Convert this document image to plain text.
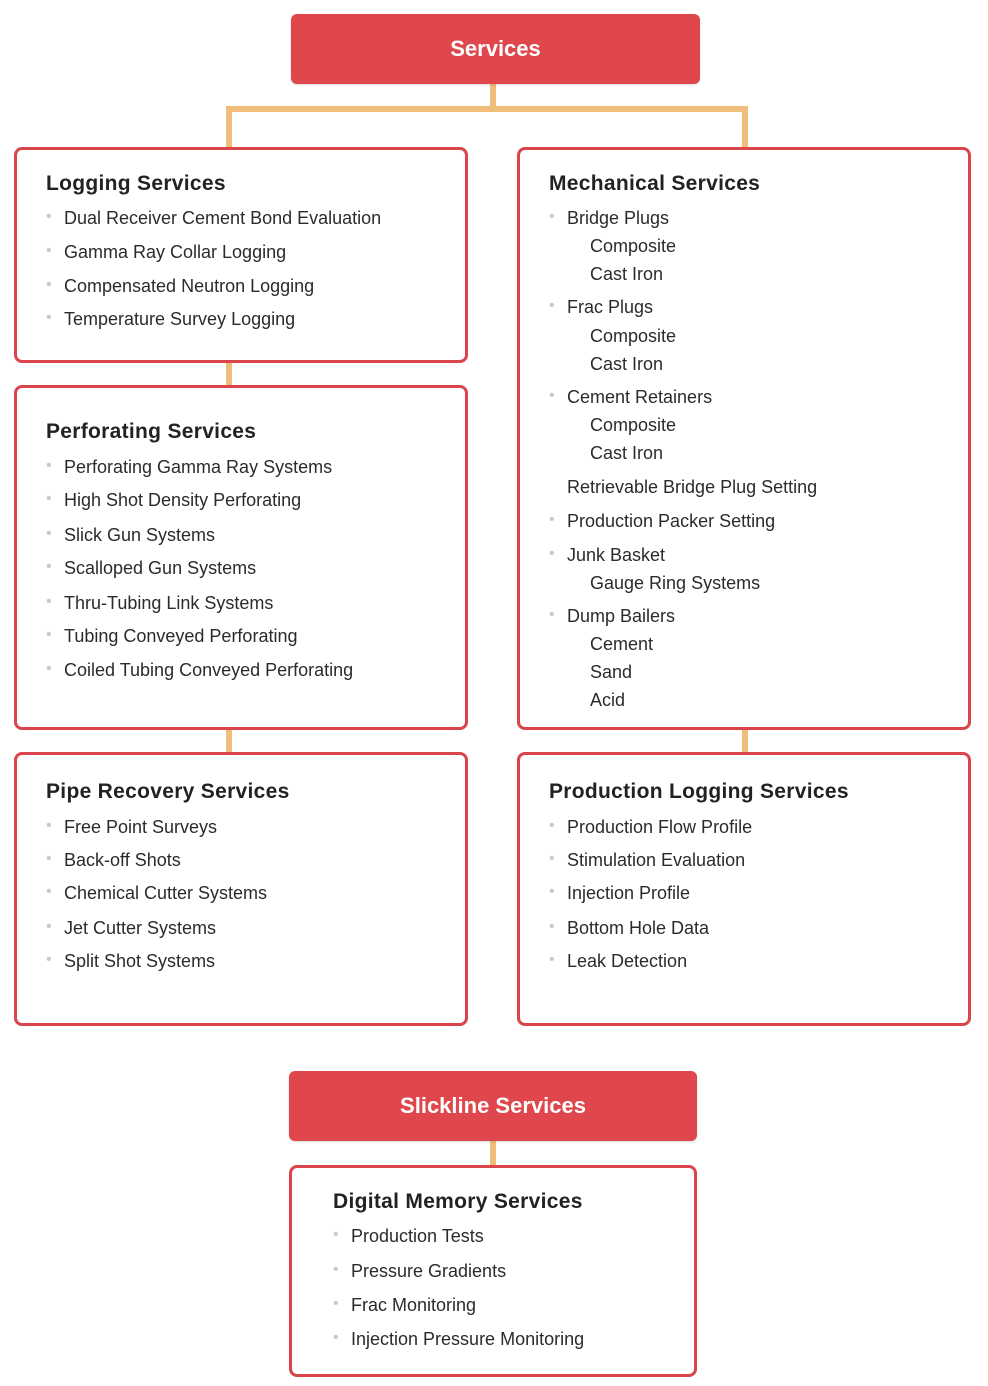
Services
Logging Services
• Dual Receiver Cement Bond Evaluation
• Gamma Ray Collar Logging
• Compensated Neutron Logging
• Temperature Survey Logging
Perforating Services
• Perforating Gamma Ray Systems
• High Shot Density Perforating
• Slick Gun Systems
• Scalloped Gun Systems
• Thru-Tubing Link Systems
• Tubing Conveyed Perforating
• Coiled Tubing Conveyed Perforating
Pipe Recovery Services
• Free Point Surveys
• Back-off Shots
• Chemical Cutter Systems
• Jet Cutter Systems
• Split Shot Systems
Mechanical Services
• Bridge Plugs
Composite
Cast Iron
• Frac Plugs
Composite
Cast Iron
• Cement Retainers
Composite
Cast Iron
Retrievable Bridge Plug Setting
• Production Packer Setting
• Junk Basket
Gauge Ring Systems
• Dump Bailers
Cement
Sand
Acid
Production Logging Services
• Production Flow Profile
• Stimulation Evaluation
• Injection Profile
• Bottom Hole Data
• Leak Detection
Slickline Services
Digital Memory Services
• Production Tests
• Pressure Gradients
• Frac Monitoring
• Injection Pressure Monitoring
